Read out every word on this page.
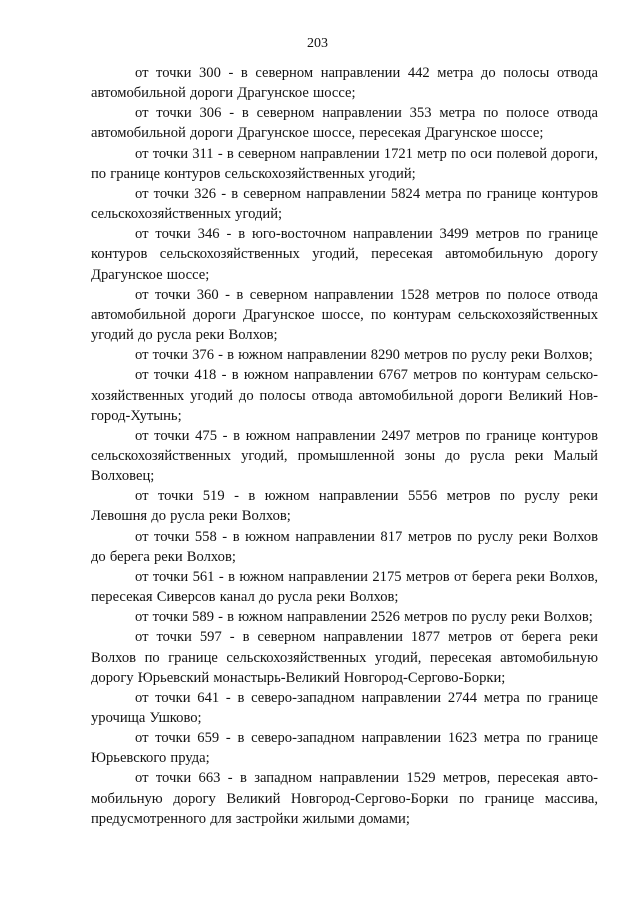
203

от точки 300 - в северном направлении 442 метра до полосы отвода автомобильной дороги Драгунское шоссе;

от точки 306 - в северном направлении 353 метра по полосе отвода автомобильной дороги Драгунское шоссе, пересекая Драгунское шоссе;

от точки 311 - в северном направлении 1721 метр по оси полевой дороги, по границе контуров сельскохозяйственных угодий;

от точки 326 - в северном направлении 5824 метра по границе контуров сельскохозяйственных угодий;

от точки 346 - в юго-восточном направлении 3499 метров по границе контуров сельскохозяйственных угодий, пересекая автомобильную дорогу Драгунское шоссе;

от точки 360 - в северном направлении 1528 метров по полосе отвода автомобильной дороги Драгунское шоссе, по контурам сельскохозяйственных угодий до русла реки Волхов;

от точки 376 - в южном направлении 8290 метров по руслу реки Волхов;

от точки 418 - в южном направлении 6767 метров по контурам сельскохозяйственных угодий до полосы отвода автомобильной дороги Великий Новгород-Хутынь;

от точки 475 - в южном направлении 2497 метров по границе контуров сельскохозяйственных угодий, промышленной зоны до русла реки Малый Волховец;

от точки 519 - в южном направлении 5556 метров по руслу реки Левошня до русла реки Волхов;

от точки 558 - в южном направлении 817 метров по руслу реки Волхов до берега реки Волхов;

от точки 561 - в южном направлении 2175 метров от берега реки Волхов, пересекая Сиверсов канал до русла реки Волхов;

от точки 589 - в южном направлении 2526 метров по руслу реки Волхов;

от точки 597 - в северном направлении 1877 метров от берега реки Волхов по границе сельскохозяйственных угодий, пересекая автомобильную дорогу Юрьевский монастырь-Великий Новгород-Сергово-Борки;

от точки 641 - в северо-западном направлении 2744 метра по границе урочища Ушково;

от точки 659 - в северо-западном направлении 1623 метра по границе Юрьевского пруда;

от точки 663 - в западном направлении 1529 метров, пересекая автомобильную дорогу Великий Новгород-Сергово-Борки по границе массива, предусмотренного для застройки жилыми домами;
